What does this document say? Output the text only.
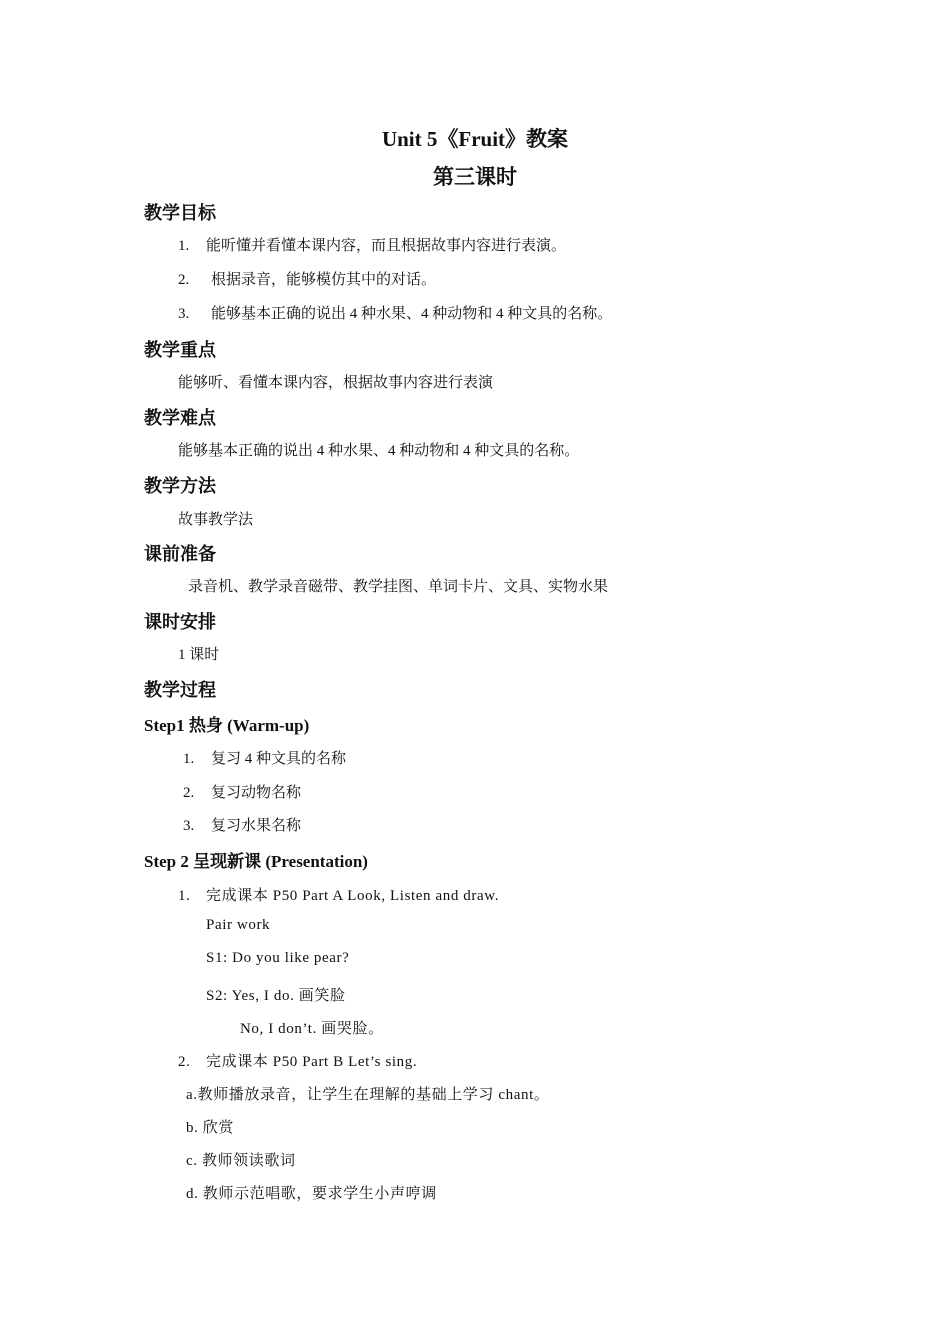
Unit 5《Fruit》教案
第三课时
教学目标
1. 能听懂并看懂本课内容，而且根据故事内容进行表演。
2. 根据录音，能够模仿其中的对话。
3. 能够基本正确的说出 4 种水果、4 种动物和 4 种文具的名称。
教学重点
能够听、看懂本课内容，根据故事内容进行表演
教学难点
能够基本正确的说出 4 种水果、4 种动物和 4 种文具的名称。
教学方法
故事教学法
课前准备
录音机、教学录音磁带、教学挂图、单词卡片、文具、实物水果
课时安排
1 课时
教学过程
Step1 热身 (Warm-up)
1. 复习 4 种文具的名称
2. 复习动物名称
3. 复习水果名称
Step 2 呈现新课 (Presentation)
1. 完成课本 P50 Part A Look, Listen and draw.
Pair work
S1: Do you like pear?
S2: Yes, I do. 画笑脸
No, I don’t. 画哭脸。
2. 完成课本 P50 Part B Let’s sing.
a.教师播放录音，让学生在理解的基础上学习 chant。
b. 欣赏
c. 教师领读歌词
d. 教师示范唱歌，要求学生小声哼调
